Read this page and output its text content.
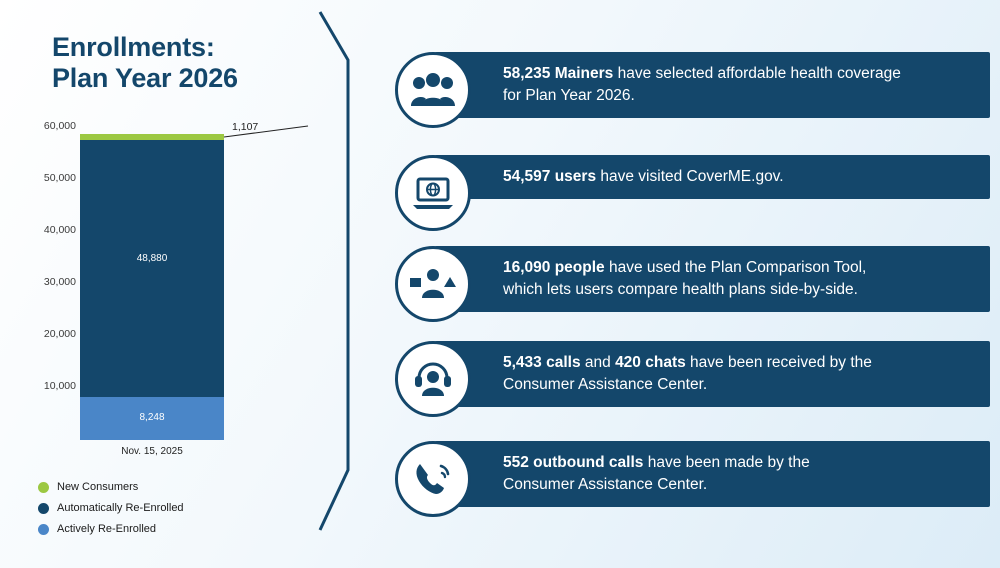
Enrollments:
Plan Year 2026
60,000
50,000
40,000
30,000
20,000
10,000
48,880
8,248
1,107
Nov. 15, 2025
New Consumers
Automatically Re-Enrolled
Actively Re-Enrolled
58,235 Mainers have selected affordable health coverage
for Plan Year 2026.
54,597 users have visited CoverME.gov.
16,090 people have used the Plan Comparison Tool,
which lets users compare health plans side-by-side.
5,433 calls and 420 chats have been received by the
Consumer Assistance Center.
552 outbound calls have been made by the
Consumer Assistance Center.
